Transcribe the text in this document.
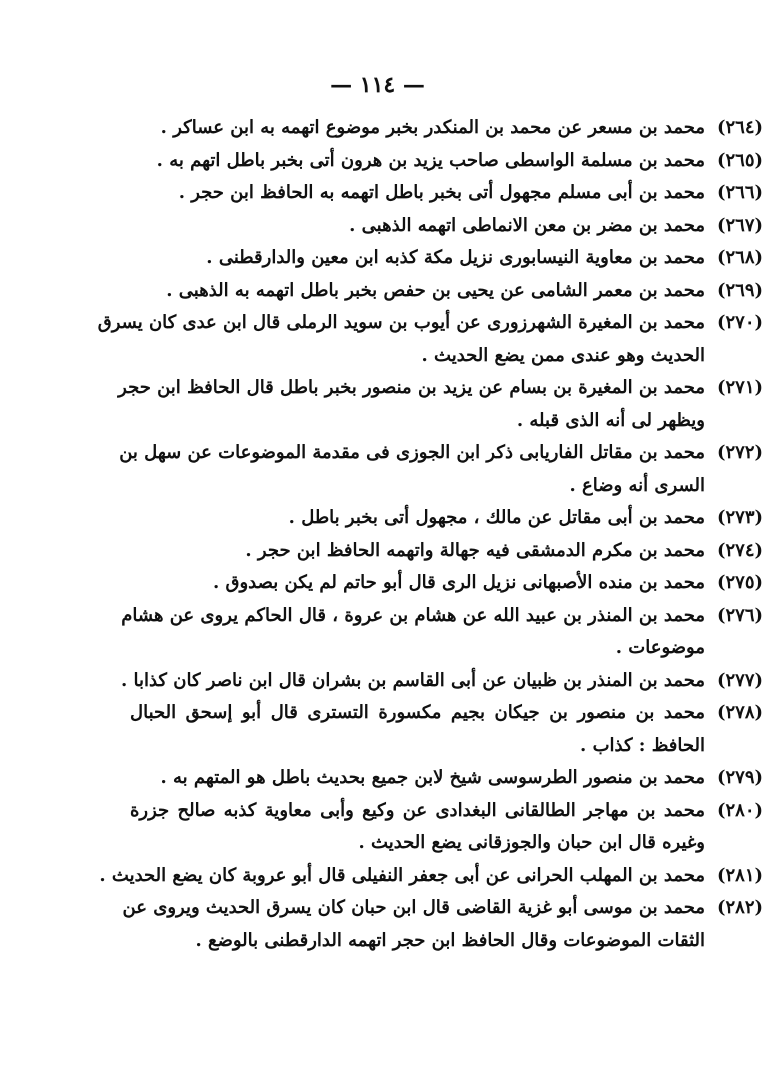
— ١١٤ —
(٢٦٤)
محمد بن مسعر عن محمد بن المنكدر بخبر موضوع اتهمه به ابن عساكر .
(٢٦٥)
محمد بن مسلمة الواسطى صاحب يزيد بن هرون أتى بخبر باطل اتهم به .
(٢٦٦)
محمد بن أبى مسلم مجهول أتى بخبر باطل اتهمه به الحافظ ابن حجر .
(٢٦٧)
محمد بن مضر بن معن الانماطى اتهمه الذهبى .
(٢٦٨)
محمد بن معاوية النيسابورى نزيل مكة كذبه ابن معين والدارقطنى .
(٢٦٩)
محمد بن معمر الشامى عن يحيى بن حفص بخبر باطل اتهمه به الذهبى .
(٢٧٠)
محمد بن المغيرة الشهرزورى عن أيوب بن سويد الرملى قال ابن عدى كان يسرق
الحديث وهو عندى ممن يضع الحديث .
(٢٧١)
محمد بن المغيرة بن بسام عن يزيد بن منصور بخبر باطل قال الحافظ ابن حجر
ويظهر لى أنه الذى قبله .
(٢٧٢)
محمد بن مقاتل الفاريابى ذكر ابن الجوزى فى مقدمة الموضوعات عن سهل بن
السرى أنه وضاع .
(٢٧٣)
محمد بن أبى مقاتل عن مالك ، مجهول أتى بخبر باطل .
(٢٧٤)
محمد بن مكرم الدمشقى فيه جهالة واتهمه الحافظ ابن حجر .
(٢٧٥)
محمد بن منده الأصبهانى نزيل الرى قال أبو حاتم لم يكن بصدوق .
(٢٧٦)
محمد بن المنذر بن عبيد الله عن هشام بن عروة ، قال الحاكم يروى عن هشام
موضوعات .
(٢٧٧)
محمد بن المنذر بن ظبيان عن أبى القاسم بن بشران قال ابن ناصر كان كذابا .
(٢٧٨)
محمد بن منصور بن جيكان بجيم مكسورة التسترى قال أبو إسحق الحبال
الحافظ : كذاب .
(٢٧٩)
محمد بن منصور الطرسوسى شيخ لابن جميع بحديث باطل هو المتهم به .
(٢٨٠)
محمد بن مهاجر الطالقانى البغدادى عن وكيع وأبى معاوية كذبه صالح جزرة
وغيره قال ابن حبان والجوزقانى يضع الحديث .
(٢٨١)
محمد بن المهلب الحرانى عن أبى جعفر النفيلى قال أبو عروبة كان يضع الحديث .
(٢٨٢)
محمد بن موسى أبو غزية القاضى قال ابن حبان كان يسرق الحديث ويروى عن
الثقات الموضوعات وقال الحافظ ابن حجر اتهمه الدارقطنى بالوضع .
